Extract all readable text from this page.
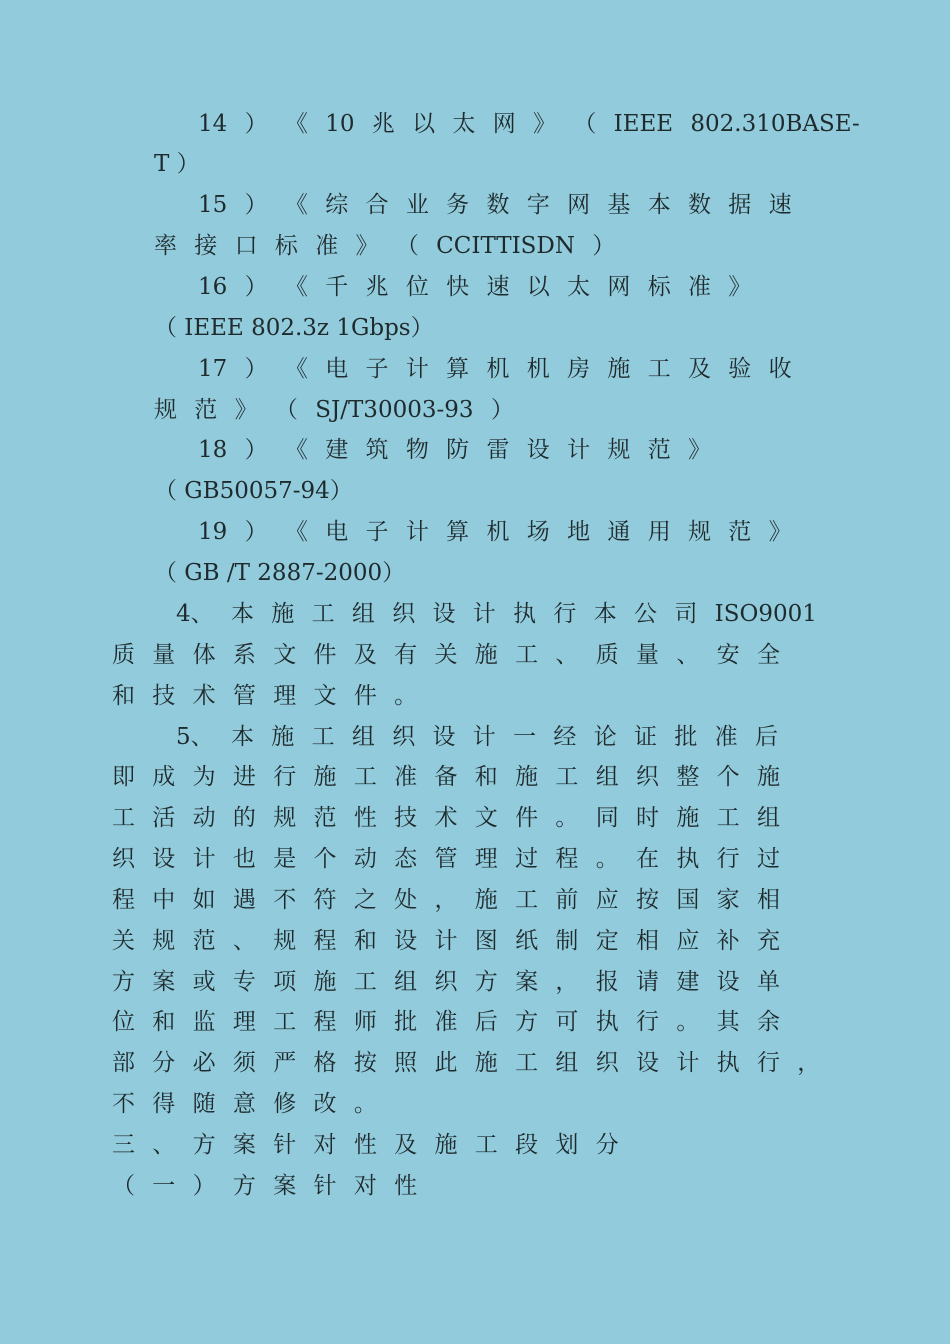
14 ） 《 10 兆 以 太 网 》 （ IEEE 802.310BASE-
T ）
15 ） 《 综 合 业 务 数 字 网 基 本 数 据 速
率 接 口 标 准 》 （ CCITTISDN ）
16 ） 《 千 兆 位 快 速 以 太 网 标 准 》
（ IEEE 802.3z 1Gbps）
17 ） 《 电 子 计 算 机 机 房 施 工 及 验 收
规 范 》 （ SJ/T30003-93 ）
18 ） 《 建 筑 物 防 雷 设 计 规 范 》
（ GB50057-94）
19 ） 《 电 子 计 算 机 场 地 通 用 规 范 》
（ GB /T 2887-2000）
4、 本 施 工 组 织 设 计 执 行 本 公 司 ISO9001
质 量 体 系 文 件 及 有 关 施 工 、 质 量 、 安 全
和 技 术 管 理 文 件 。
5、 本 施 工 组 织 设 计 一 经 论 证 批 准 后
即 成 为 进 行 施 工 准 备 和 施 工 组 织 整 个 施
工 活 动 的 规 范 性 技 术 文 件 。 同 时 施 工 组
织 设 计 也 是 个 动 态 管 理 过 程 。 在 执 行 过
程 中 如 遇 不 符 之 处 ， 施 工 前 应 按 国 家 相
关 规 范 、 规 程 和 设 计 图 纸 制 定 相 应 补 充
方 案 或 专 项 施 工 组 织 方 案 ， 报 请 建 设 单
位 和 监 理 工 程 师 批 准 后 方 可 执 行 。 其 余
部 分 必 须 严 格 按 照 此 施 工 组 织 设 计 执 行 ，
不 得 随 意 修 改 。
三 、 方 案 针 对 性 及 施 工 段 划 分
（ 一 ） 方 案 针 对 性
